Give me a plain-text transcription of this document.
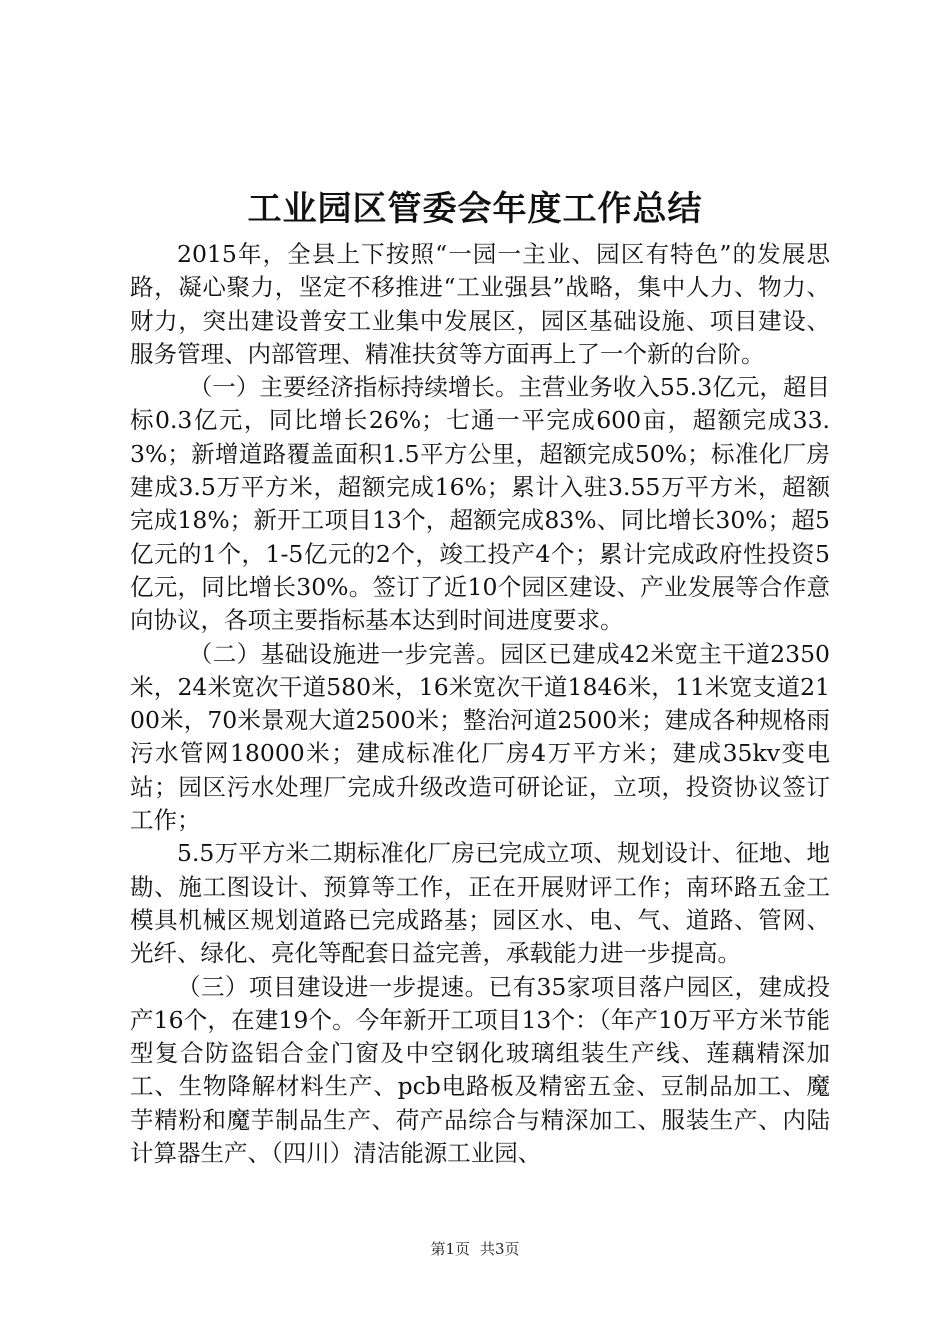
工业园区管委会年度工作总结

2015年，全县上下按照“一园一主业、园区有特色”的发展思路，凝心聚力，坚定不移推进“工业强县”战略，集中人力、物力、财力，突出建设普安工业集中发展区，园区基础设施、项目建设、服务管理、内部管理、精准扶贫等方面再上了一个新的台阶。

（一）主要经济指标持续增长。主营业务收入55.3亿元，超目标0.3亿元，同比增长26%；七通一平完成600亩，超额完成33.3%；新增道路覆盖面积1.5平方公里，超额完成50%；标准化厂房建成3.5万平方米，超额完成16%；累计入驻3.55万平方米，超额完成18%；新开工项目13个，超额完成83%、同比增长30%；超5亿元的1个，1-5亿元的2个，竣工投产4个；累计完成政府性投资5亿元，同比增长30%。签订了近10个园区建设、产业发展等合作意向协议，各项主要指标基本达到时间进度要求。

（二）基础设施进一步完善。园区已建成42米宽主干道2350米，24米宽次干道580米，16米宽次干道1846米，11米宽支道2100米，70米景观大道2500米；整治河道2500米；建成各种规格雨污水管网18000米；建成标准化厂房4万平方米；建成35kv变电站；园区污水处理厂完成升级改造可研论证，立项，投资协议签订工作；

5.5万平方米二期标准化厂房已完成立项、规划设计、征地、地勘、施工图设计、预算等工作，正在开展财评工作；南环路五金工模具机械区规划道路已完成路基；园区水、电、气、道路、管网、光纤、绿化、亮化等配套日益完善，承载能力进一步提高。

（三）项目建设进一步提速。已有35家项目落户园区，建成投产16个，在建19个。今年新开工项目13个：（年产10万平方米节能型复合防盗铝合金门窗及中空钢化玻璃组装生产线、莲藕精深加工、生物降解材料生产、pcb电路板及精密五金、豆制品加工、魔芋精粉和魔芋制品生产、荷产品综合与精深加工、服装生产、内陆计算器生产、（四川）清洁能源工业园、

第1页 共3页
